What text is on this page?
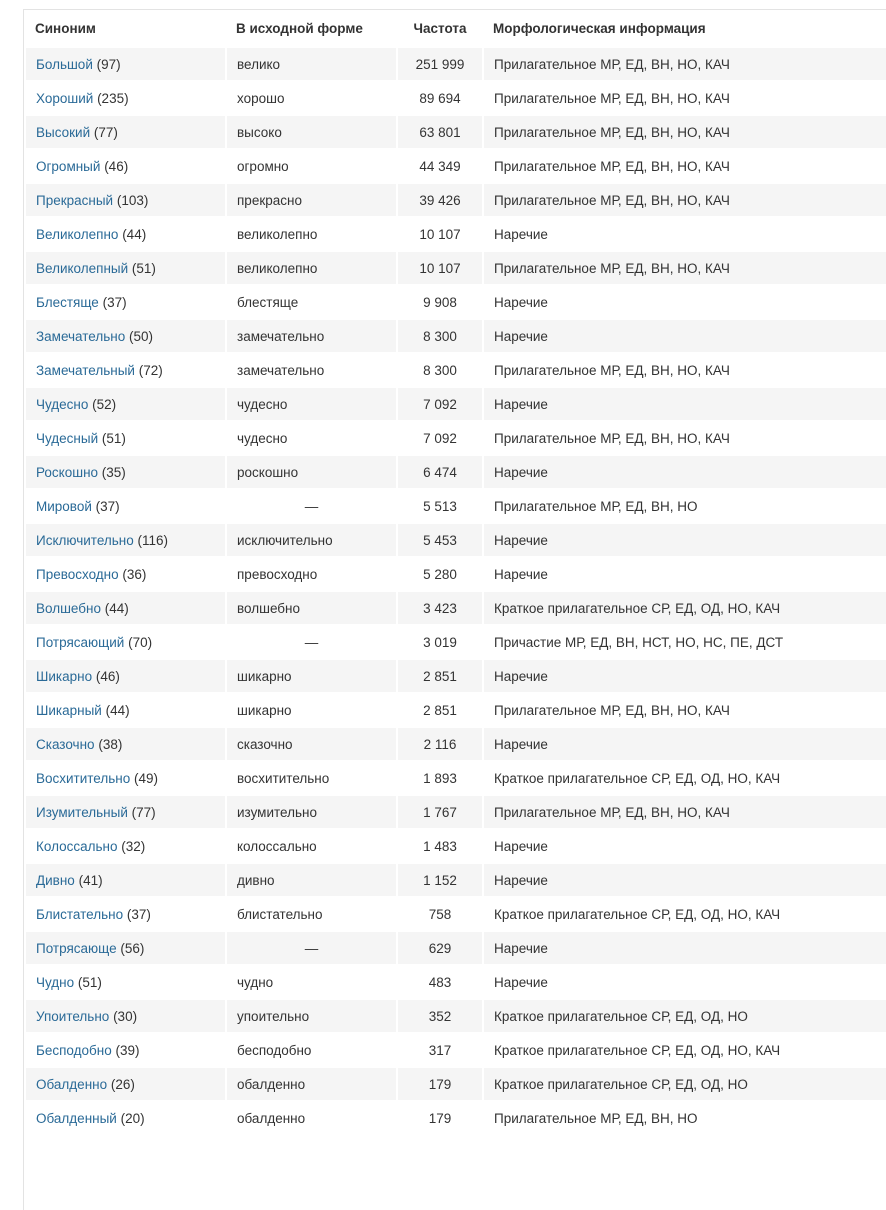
Синоним	В исходной форме	Частота	Морфологическая информация
Большой (97)	велико	251 999	Прилагательное МР, ЕД, ВН, НО, КАЧ
Хороший (235)	хорошо	89 694	Прилагательное МР, ЕД, ВН, НО, КАЧ
Высокий (77)	высоко	63 801	Прилагательное МР, ЕД, ВН, НО, КАЧ
Огромный (46)	огромно	44 349	Прилагательное МР, ЕД, ВН, НО, КАЧ
Прекрасный (103)	прекрасно	39 426	Прилагательное МР, ЕД, ВН, НО, КАЧ
Великолепно (44)	великолепно	10 107	Наречие
Великолепный (51)	великолепно	10 107	Прилагательное МР, ЕД, ВН, НО, КАЧ
Блестяще (37)	блестяще	9 908	Наречие
Замечательно (50)	замечательно	8 300	Наречие
Замечательный (72)	замечательно	8 300	Прилагательное МР, ЕД, ВН, НО, КАЧ
Чудесно (52)	чудесно	7 092	Наречие
Чудесный (51)	чудесно	7 092	Прилагательное МР, ЕД, ВН, НО, КАЧ
Роскошно (35)	роскошно	6 474	Наречие
Мировой (37)	—	5 513	Прилагательное МР, ЕД, ВН, НО
Исключительно (116)	исключительно	5 453	Наречие
Превосходно (36)	превосходно	5 280	Наречие
Волшебно (44)	волшебно	3 423	Краткое прилагательное СР, ЕД, ОД, НО, КАЧ
Потрясающий (70)	—	3 019	Причастие МР, ЕД, ВН, НСТ, НО, НС, ПЕ, ДСТ
Шикарно (46)	шикарно	2 851	Наречие
Шикарный (44)	шикарно	2 851	Прилагательное МР, ЕД, ВН, НО, КАЧ
Сказочно (38)	сказочно	2 116	Наречие
Восхитительно (49)	восхитительно	1 893	Краткое прилагательное СР, ЕД, ОД, НО, КАЧ
Изумительный (77)	изумительно	1 767	Прилагательное МР, ЕД, ВН, НО, КАЧ
Колоссально (32)	колоссально	1 483	Наречие
Дивно (41)	дивно	1 152	Наречие
Блистательно (37)	блистательно	758	Краткое прилагательное СР, ЕД, ОД, НО, КАЧ
Потрясающе (56)	—	629	Наречие
Чудно (51)	чудно	483	Наречие
Упоительно (30)	упоительно	352	Краткое прилагательное СР, ЕД, ОД, НО
Бесподобно (39)	бесподобно	317	Краткое прилагательное СР, ЕД, ОД, НО, КАЧ
Обалденно (26)	обалденно	179	Краткое прилагательное СР, ЕД, ОД, НО
Обалденный (20)	обалденно	179	Прилагательное МР, ЕД, ВН, НО
